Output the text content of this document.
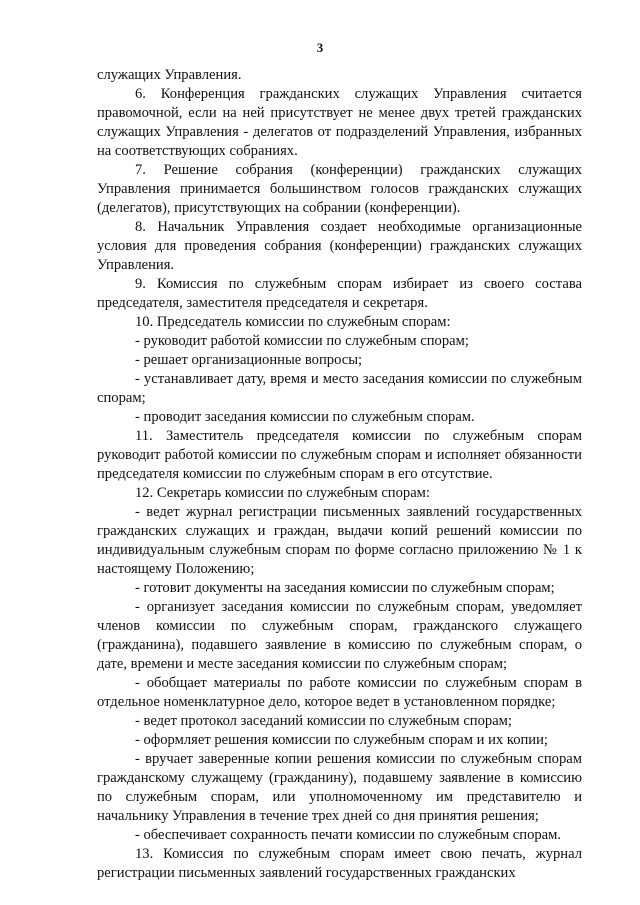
3

служащих Управления.

6. Конференция гражданских служащих Управления считается правомочной, если на ней присутствует не менее двух третей гражданских служащих Управления - делегатов от подразделений Управления, избранных на соответствующих собраниях.

7. Решение собрания (конференции) гражданских служащих Управления принимается большинством голосов гражданских служащих (делегатов), присутствующих на собрании (конференции).

8. Начальник Управления создает необходимые организационные условия для проведения собрания (конференции) гражданских служащих Управления.

9. Комиссия по служебным спорам избирает из своего состава председателя, заместителя председателя и секретаря.

10. Председатель комиссии по служебным спорам:

- руководит работой комиссии по служебным спорам;

- решает организационные вопросы;

- устанавливает дату, время и место заседания комиссии по служебным спорам;

- проводит заседания комиссии по служебным спорам.

11. Заместитель председателя комиссии по служебным спорам руководит работой комиссии по служебным спорам и исполняет обязанности председателя комиссии по служебным спорам в его отсутствие.

12. Секретарь комиссии по служебным спорам:

- ведет журнал регистрации письменных заявлений государственных гражданских служащих и граждан, выдачи копий решений комиссии по индивидуальным служебным спорам по форме согласно приложению № 1 к настоящему Положению;

- готовит документы на заседания комиссии по служебным спорам;

- организует заседания комиссии по служебным спорам, уведомляет членов комиссии по служебным спорам, гражданского служащего (гражданина), подавшего заявление в комиссию по служебным спорам, о дате, времени и месте заседания комиссии по служебным спорам;

- обобщает материалы по работе комиссии по служебным спорам в отдельное номенклатурное дело, которое ведет в установленном порядке;

- ведет протокол заседаний комиссии по служебным спорам;

- оформляет решения комиссии по служебным спорам и их копии;

- вручает заверенные копии решения комиссии по служебным спорам гражданскому служащему (гражданину), подавшему заявление в комиссию по служебным спорам, или уполномоченному им представителю и начальнику Управления в течение трех дней со дня принятия решения;

- обеспечивает сохранность печати комиссии по служебным спорам.

13. Комиссия по служебным спорам имеет свою печать, журнал регистрации письменных заявлений государственных гражданских
